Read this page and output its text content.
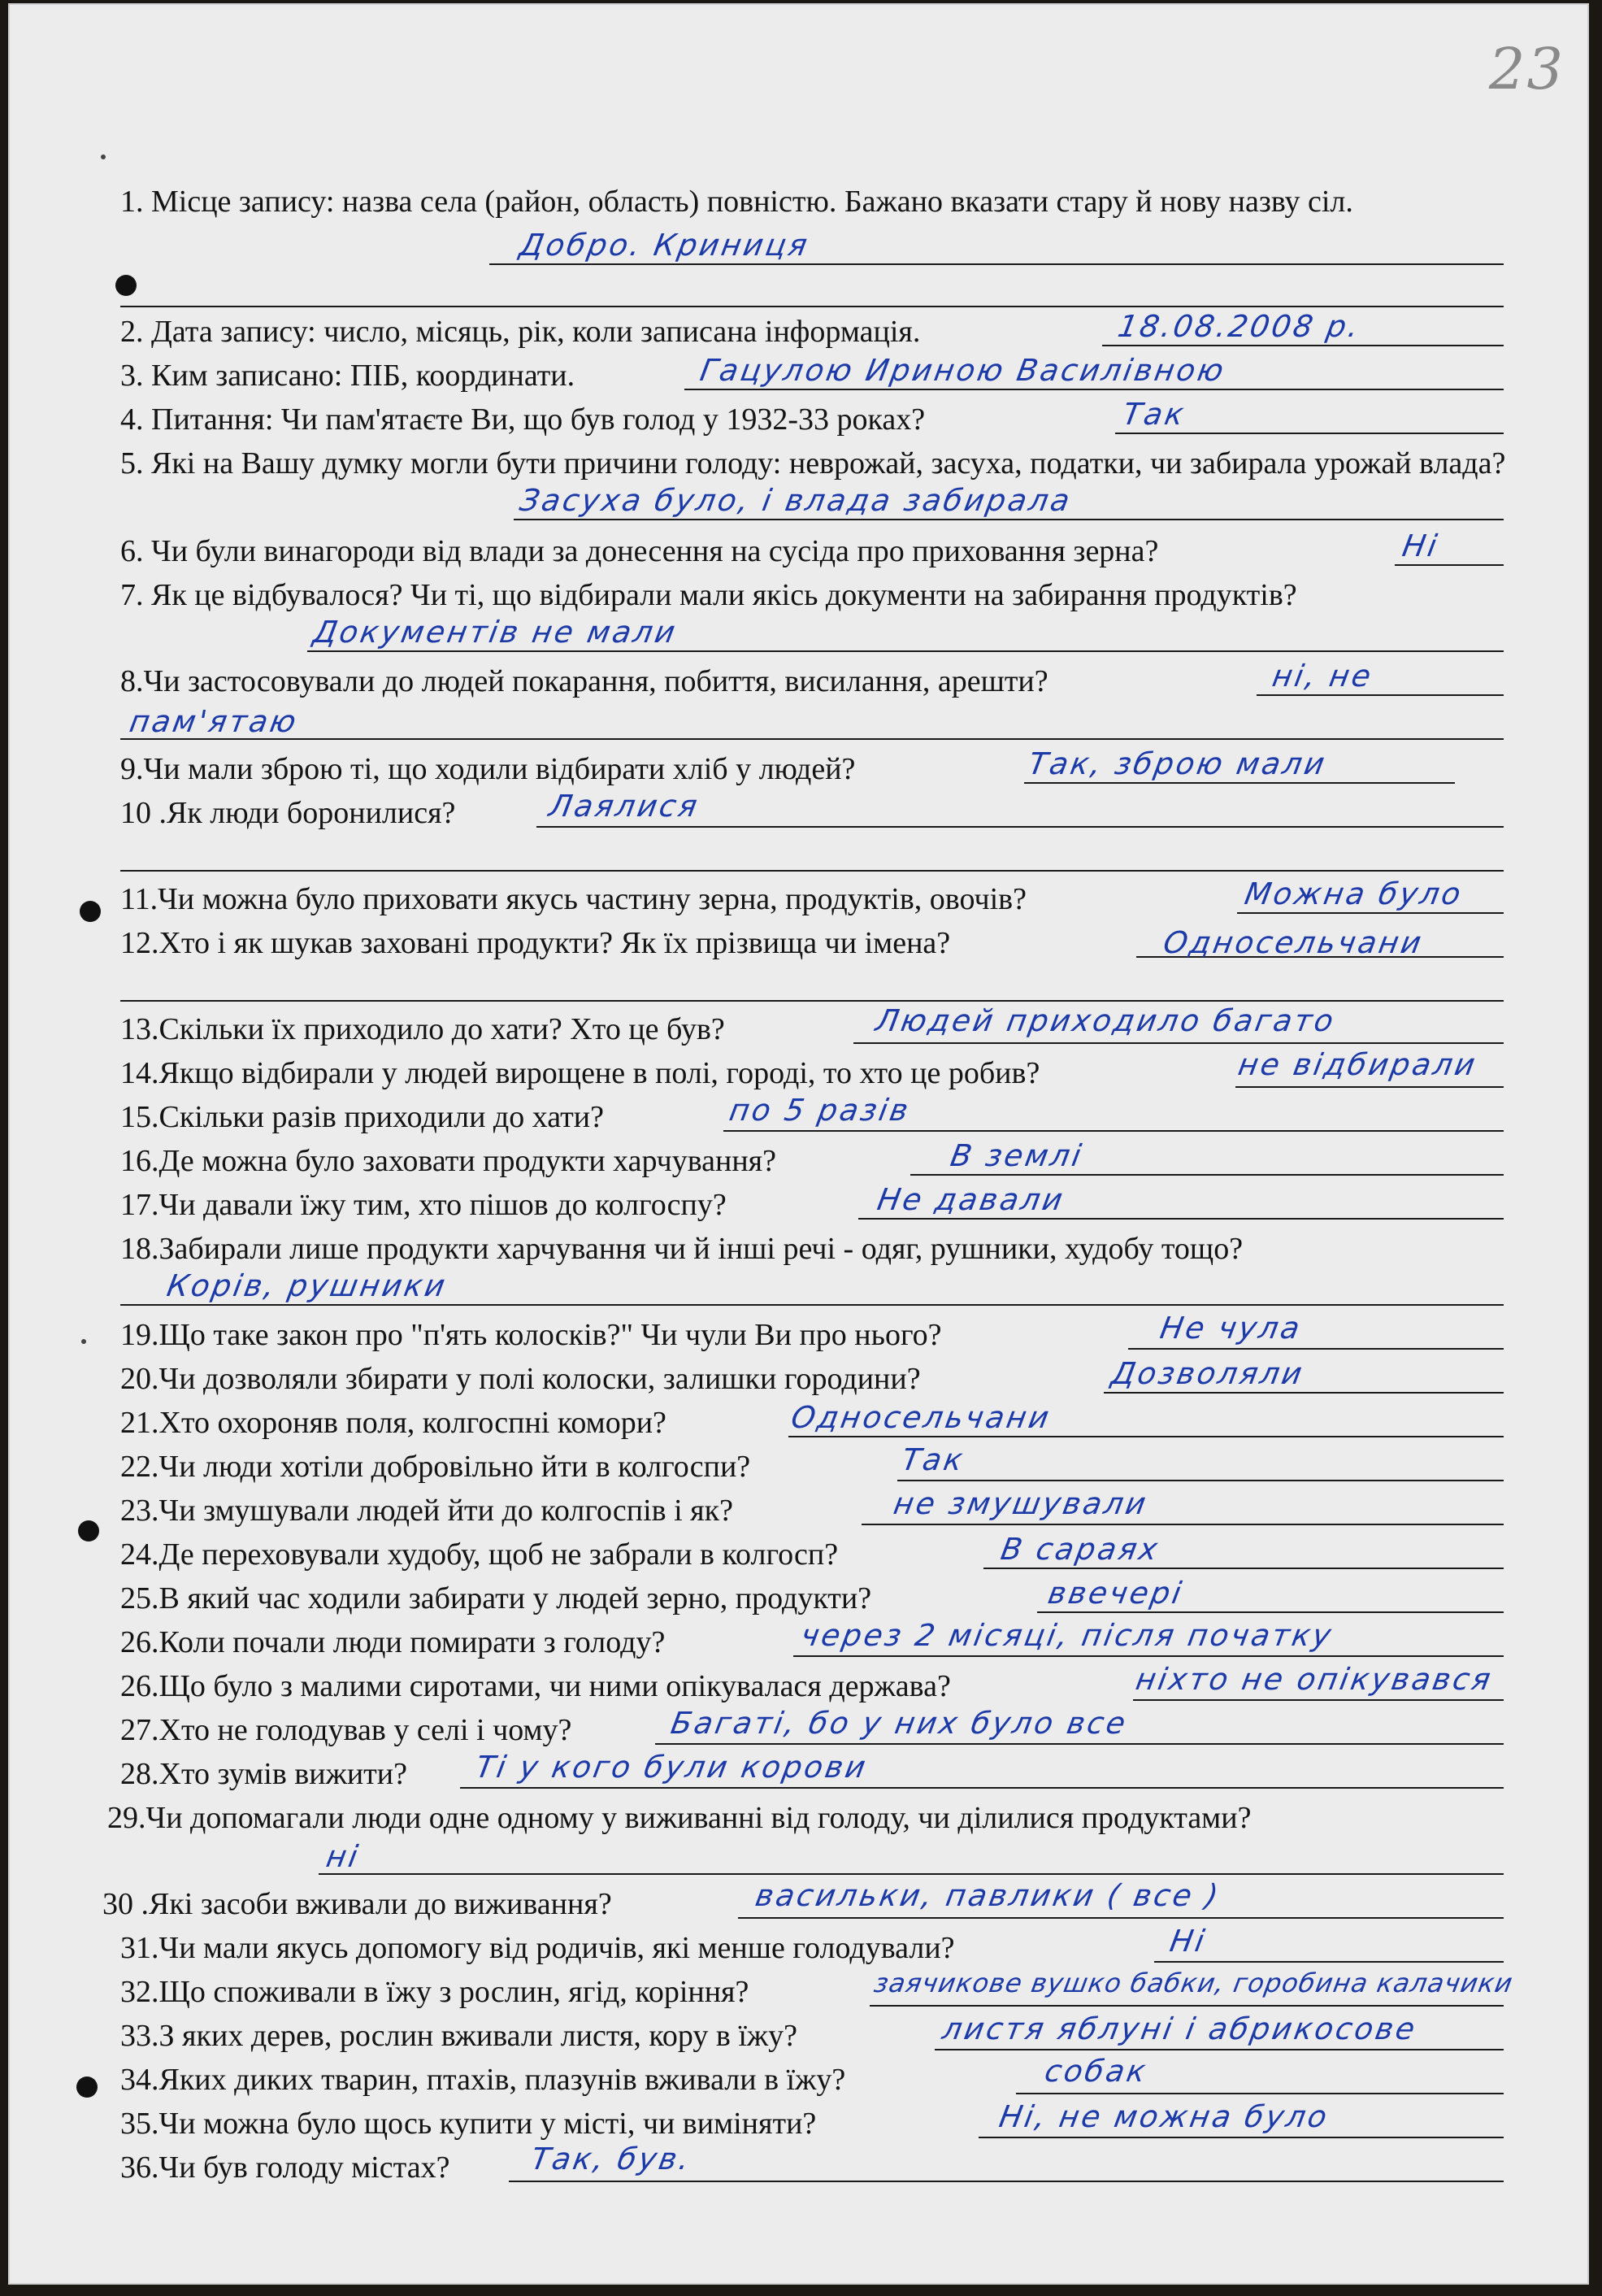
23
1. Місце запису: назва села (район, область) повністю. Бажано вказати стару й нову назву сіл.
Добро. Криниця
2. Дата запису: число, місяць, рік, коли записана інформація.	18.08.2008 р.
3. Ким записано: ПІБ, координати.	Гацулою Ириною Василівною
4. Питання: Чи пам'ятаєте Ви, що був голод у 1932-33 роках?	Так
5. Які на Вашу думку могли бути причини голоду: неврожай, засуха, податки, чи забирала урожай влада?
Засуха було, і влада забирала
6. Чи були винагороди від влади за донесення на сусіда про приховання зерна?	Ні
7. Як це відбувалося? Чи ті, що відбирали мали якісь документи на забирання продуктів?
Документів не мали
8.Чи застосовували до людей покарання, побиття, висилання, арешти?	ні, не
пам'ятаю
9.Чи мали зброю ті, що ходили відбирати хліб у людей?	Так, зброю мали
10 .Як люди боронилися?	Лаялися
11.Чи можна було приховати якусь частину зерна, продуктів, овочів?	Можна було
12.Хто і як шукав заховані продукти? Як їх прізвища чи імена?	Односельчани
13.Скільки їх приходило до хати? Хто це був?	Людей приходило багато
14.Якщо відбирали у людей вирощене в полі, городі, то хто це робив?	не відбирали
15.Скільки разів приходили до хати?	по 5 разів
16.Де можна було заховати продукти харчування?	В землі
17.Чи давали їжу тим, хто пішов до колгоспу?	Не давали
18.Забирали лише продукти харчування чи й інші речі - одяг, рушники, худобу тощо?
Корів, рушники
19.Що таке закон про "п'ять колосків?" Чи чули Ви про нього?	Не чула
20.Чи дозволяли збирати у полі колоски, залишки городини?	Дозволяли
21.Хто охороняв поля, колгоспні комори?	Односельчани
22.Чи люди хотіли добровільно йти в колгоспи?	Так
23.Чи змушували людей йти до колгоспів і як?	не змушували
24.Де переховували худобу, щоб не забрали в колгосп?	В сараях
25.В який час ходили забирати у людей зерно, продукти?	ввечері
26.Коли почали люди помирати з голоду?	через 2 місяці, після початку
26.Що було з малими сиротами, чи ними опікувалася держава?	ніхто не опікувався
27.Хто не голодував у селі і чому?	Багаті, бо у них було все
28.Хто зумів вижити?	Ті у кого були корови
29.Чи допомагали люди одне одному у виживанні від голоду, чи ділилися продуктами?
ні
30 .Які засоби вживали до виживання?	васильки, павлики ( все )
31.Чи мали якусь допомогу від родичів, які менше голодували?	Ні
32.Що споживали в їжу з рослин, ягід, коріння?	заячикове вушко бабки, горобина калачики
33.З яких дерев, рослин вживали листя, кору в їжу?	листя яблуні і абрикосове
34.Яких диких тварин, птахів, плазунів вживали в їжу?	собак
35.Чи можна було щось купити у місті, чи виміняти?	Ні, не можна було
36.Чи був голоду містах?	Так, був.
